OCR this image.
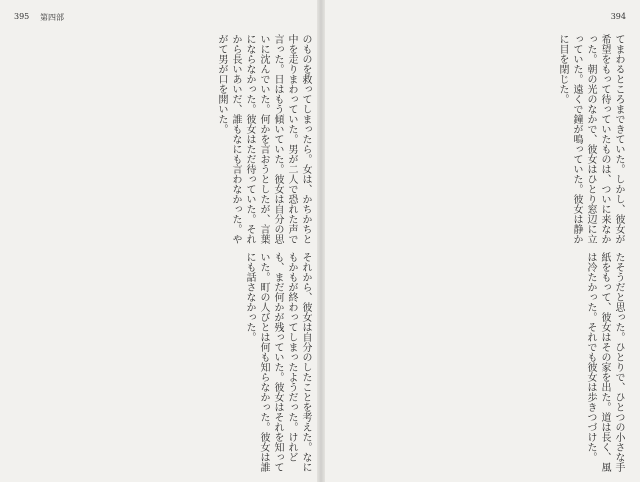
395 第四部
のものを救ってしまったら。女は、かちかちと中を走りまわっていた。男が二人で恐れた声で言った。日はもう傾いていた。彼女は自分の思いに沈んでいた。何かを言おうとしたが、言葉にならなかった。彼女はただ待っていた。それから長いあいだ、誰もなにも言わなかった。やがて男が口を開いた。
それから、彼女は自分のしたことを考えた。なにもかもが終わってしまったようだった。けれども、まだ何かが残っていた。彼女はそれを知っていた。町の人びとは何も知らなかった。彼女は誰にも話さなかった。
394
てまわるところまできていた。しかし、彼女が希望をもって待っていたものは、ついに来なかった。朝の光のなかで、彼女はひとり窓辺に立っていた。遠くで鐘が鳴っていた。彼女は静かに目を閉じた。
たそうだと思った。ひとりで、ひとつの小さな手紙をもって、彼女はその家を出た。道は長く、風は冷たかった。それでも彼女は歩きつづけた。
